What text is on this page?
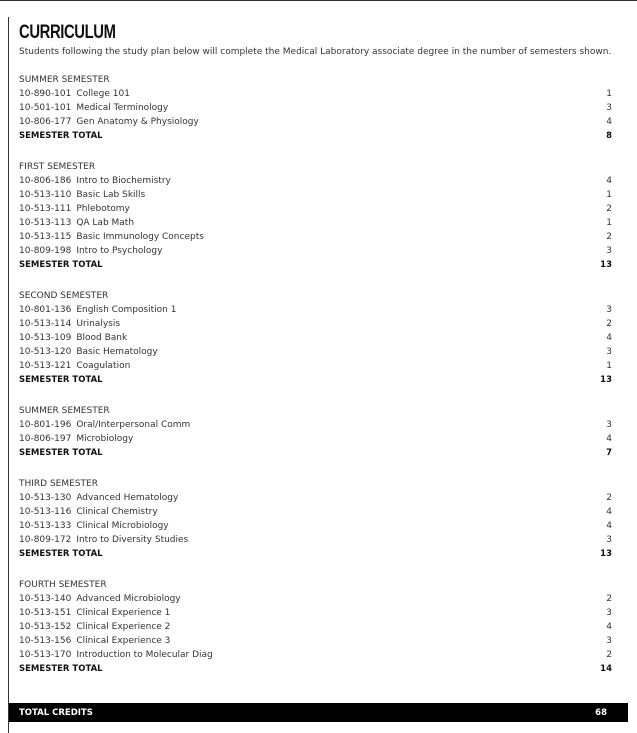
CURRICULUM
Students following the study plan below will complete the Medical Laboratory associate degree in the number of semesters shown.
SUMMER SEMESTER
10-890-101 College 101	1
10-501-101 Medical Terminology	3
10-806-177 Gen Anatomy & Physiology	4
SEMESTER TOTAL	8
FIRST SEMESTER
10-806-186 Intro to Biochemistry	4
10-513-110 Basic Lab Skills	1
10-513-111 Phlebotomy	2
10-513-113 QA Lab Math	1
10-513-115 Basic Immunology Concepts	2
10-809-198 Intro to Psychology	3
SEMESTER TOTAL	13
SECOND SEMESTER
10-801-136 English Composition 1	3
10-513-114 Urinalysis	2
10-513-109 Blood Bank	4
10-513-120 Basic Hematology	3
10-513-121 Coagulation	1
SEMESTER TOTAL	13
SUMMER SEMESTER
10-801-196 Oral/Interpersonal Comm	3
10-806-197 Microbiology	4
SEMESTER TOTAL	7
THIRD SEMESTER
10-513-130 Advanced Hematology	2
10-513-116 Clinical Chemistry	4
10-513-133 Clinical Microbiology	4
10-809-172 Intro to Diversity Studies	3
SEMESTER TOTAL	13
FOURTH SEMESTER
10-513-140 Advanced Microbiology	2
10-513-151 Clinical Experience 1	3
10-513-152 Clinical Experience 2	4
10-513-156 Clinical Experience 3	3
10-513-170 Introduction to Molecular Diag	2
SEMESTER TOTAL	14
TOTAL CREDITS	68
